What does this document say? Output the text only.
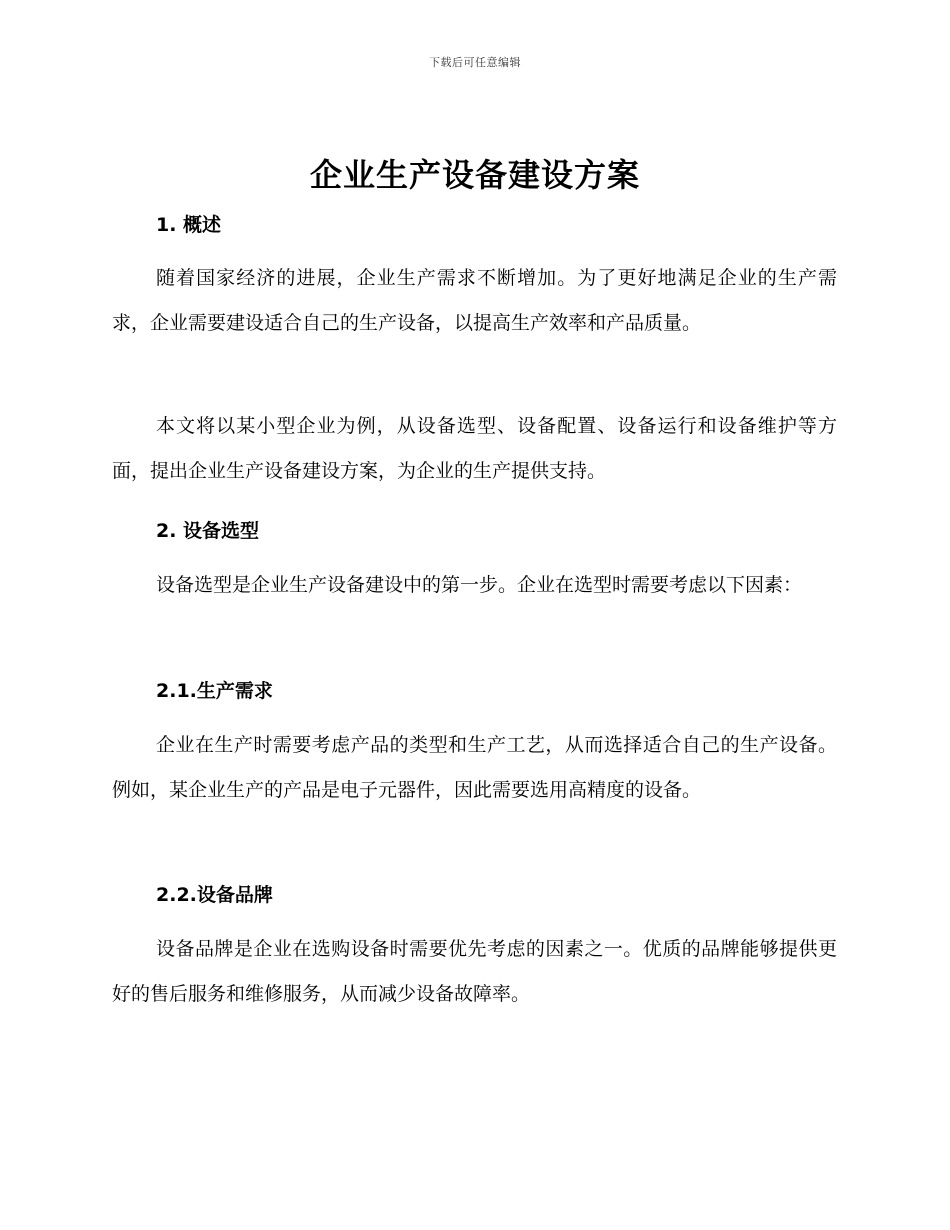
下载后可任意编辑
企业生产设备建设方案
1. 概述

随着国家经济的进展，企业生产需求不断增加。为了更好地满足企业的生产需求，企业需要建设适合自己的生产设备，以提高生产效率和产品质量。

本文将以某小型企业为例，从设备选型、设备配置、设备运行和设备维护等方面，提出企业生产设备建设方案，为企业的生产提供支持。

2. 设备选型

设备选型是企业生产设备建设中的第一步。企业在选型时需要考虑以下因素：

2.1.生产需求

企业在生产时需要考虑产品的类型和生产工艺，从而选择适合自己的生产设备。例如，某企业生产的产品是电子元器件，因此需要选用高精度的设备。

2.2.设备品牌

设备品牌是企业在选购设备时需要优先考虑的因素之一。优质的品牌能够提供更好的售后服务和维修服务，从而减少设备故障率。
